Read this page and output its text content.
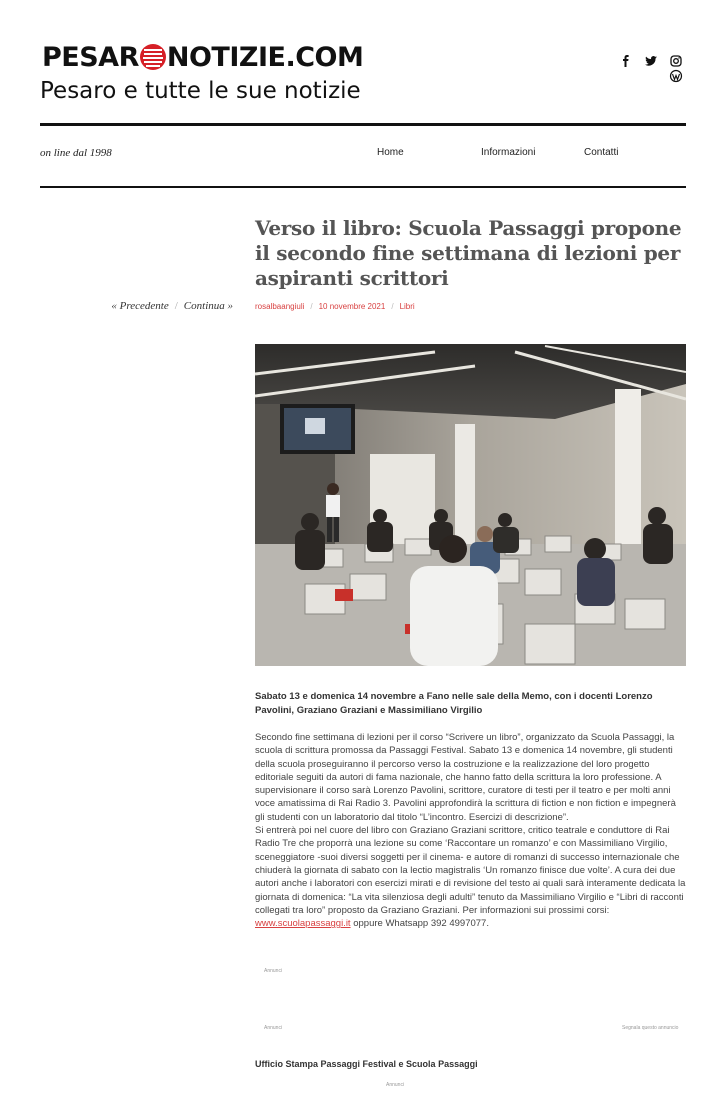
PESAR NOTIZIE.COM
Pesaro e tutte le sue notizie
on line dal 1998	Home	Informazioni	Contatti
Verso il libro: Scuola Passaggi propone il secondo fine settimana di lezioni per aspiranti scrittori
« Precedente / Continua »	rosalbaangiuli / 10 novembre 2021 / Libri

Sabato 13 e domenica 14 novembre a Fano nelle sale della Memo, con i docenti Lorenzo Pavolini, Graziano Graziani e Massimiliano Virgilio

Secondo fine settimana di lezioni per il corso “Scrivere un libro”, organizzato da Scuola Passaggi, la scuola di scrittura promossa da Passaggi Festival. Sabato 13 e domenica 14 novembre, gli studenti della scuola proseguiranno il percorso verso la costruzione e la realizzazione del loro progetto editoriale seguiti da autori di fama nazionale, che hanno fatto della scrittura la loro professione. A supervisionare il corso sarà Lorenzo Pavolini, scrittore, curatore di testi per il teatro e per molti anni voce amatissima di Rai Radio 3. Pavolini approfondirà la scrittura di fiction e non fiction e impegnerà gli studenti con un laboratorio dal titolo “L’incontro. Esercizi di descrizione”.

Si entrerà poi nel cuore del libro con Graziano Graziani scrittore, critico teatrale e conduttore di Rai Radio Tre che proporrà una lezione su come ‘Raccontare un romanzo’ e con Massimiliano Virgilio, sceneggiatore -suoi diversi soggetti per il cinema- e autore di romanzi di successo internazionale che chiuderà la giornata di sabato con la lectio magistralis ‘Un romanzo finisce due volte’. A cura dei due autori anche i laboratori con esercizi mirati e di revisione del testo ai quali sarà interamente dedicata la giornata di domenica: “La vita silenziosa degli adulti” tenuto da Massimiliano Virgilio e “Libri di racconti collegati tra loro” proposto da Graziano Graziani. Per informazioni sui prossimi corsi: www.scuolapassaggi.it oppure Whatsapp 392 4997077.

Annunci
Annunci	Segnala questo annuncio
Ufficio Stampa Passaggi Festival e Scuola Passaggi
Annunci
